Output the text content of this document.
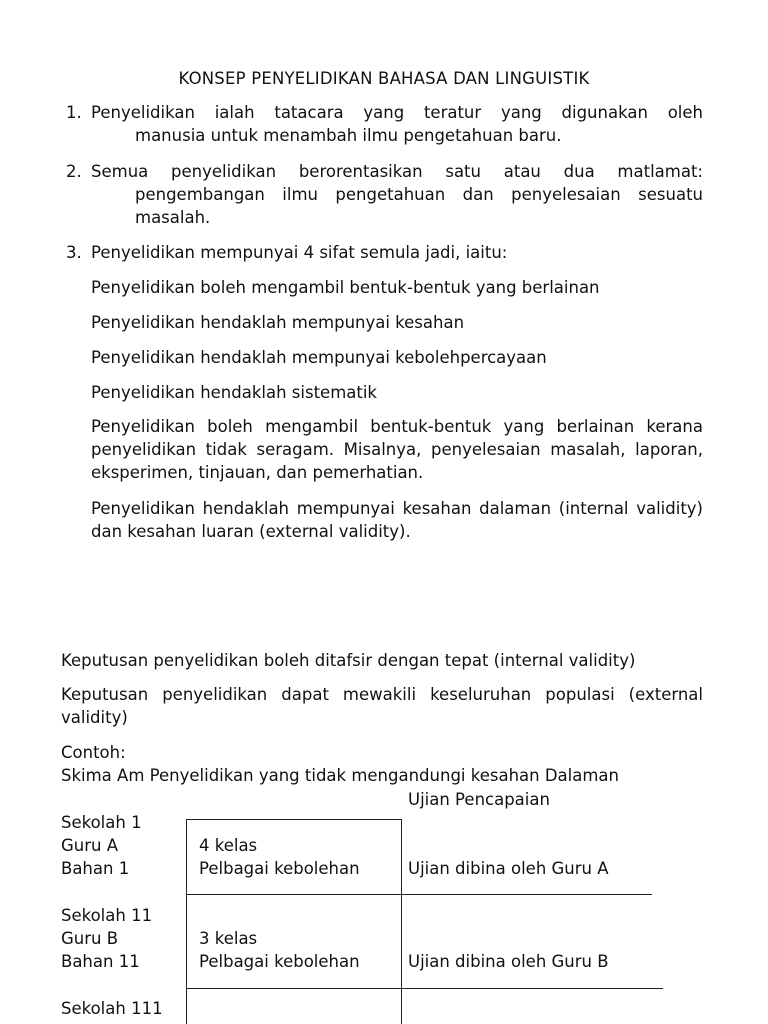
KONSEP PENYELIDIKAN BAHASA DAN LINGUISTIK
1. Penyelidikan ialah tatacara yang teratur yang digunakan oleh
manusia untuk menambah ilmu pengetahuan baru.
2. Semua penyelidikan berorentasikan satu atau dua matlamat:
pengembangan ilmu pengetahuan dan penyelesaian sesuatu
masalah.
3. Penyelidikan mempunyai 4 sifat semula jadi, iaitu:
Penyelidikan boleh mengambil bentuk-bentuk yang berlainan
Penyelidikan hendaklah mempunyai kesahan
Penyelidikan hendaklah mempunyai kebolehpercayaan
Penyelidikan hendaklah sistematik
Penyelidikan boleh mengambil bentuk-bentuk yang berlainan kerana penyelidikan tidak seragam. Misalnya, penyelesaian masalah, laporan, eksperimen, tinjauan, dan pemerhatian.
Penyelidikan hendaklah mempunyai kesahan dalaman (internal validity) dan kesahan luaran (external validity).
Keputusan penyelidikan boleh ditafsir dengan tepat (internal validity)
Keputusan penyelidikan dapat mewakili keseluruhan populasi (external validity)
Contoh:
Skima Am Penyelidikan yang tidak mengandungi kesahan Dalaman
Ujian Pencapaian
Sekolah 1
Guru A
Bahan 1
4 kelas
Pelbagai kebolehan	Ujian dibina oleh Guru A
Sekolah 11
Guru B
Bahan 11
3 kelas
Pelbagai kebolehan	Ujian dibina oleh Guru B
Sekolah 111
